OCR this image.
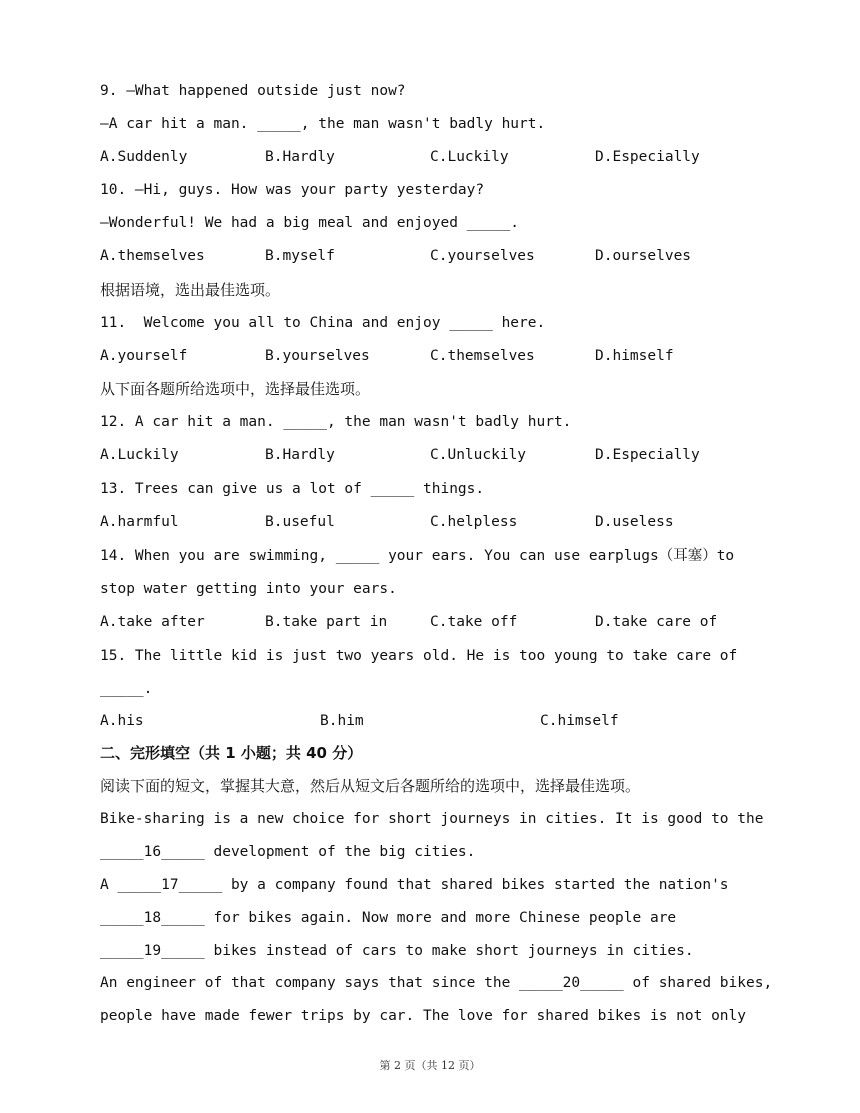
9. —What happened outside just now?
—A car hit a man. _____, the man wasn't badly hurt.
A.Suddenly	B.Hardly	C.Luckily	D.Especially
10. —Hi, guys. How was your party yesterday?
—Wonderful! We had a big meal and enjoyed _____.
A.themselves	B.myself	C.yourselves	D.ourselves
根据语境，选出最佳选项。
11.  Welcome you all to China and enjoy _____ here.
A.yourself	B.yourselves	C.themselves	D.himself
从下面各题所给选项中，选择最佳选项。
12. A car hit a man. _____, the man wasn't badly hurt.
A.Luckily	B.Hardly	C.Unluckily	D.Especially
13. Trees can give us a lot of _____ things.
A.harmful	B.useful	C.helpless	D.useless
14. When you are swimming, _____ your ears. You can use earplugs（耳塞）to
stop water getting into your ears.
A.take after	B.take part in	C.take off	D.take care of
15. The little kid is just two years old. He is too young to take care of
_____.
A.his	B.him	C.himself
二、完形填空（共 1 小题；共 40 分）
阅读下面的短文，掌握其大意，然后从短文后各题所给的选项中，选择最佳选项。
Bike-sharing is a new choice for short journeys in cities. It is good to the
_____16_____ development of the big cities.
A _____17_____ by a company found that shared bikes started the nation's
_____18_____ for bikes again. Now more and more Chinese people are
_____19_____ bikes instead of cars to make short journeys in cities.
An engineer of that company says that since the _____20_____ of shared bikes,
people have made fewer trips by car. The love for shared bikes is not only
第 2 页（共 12 页）
